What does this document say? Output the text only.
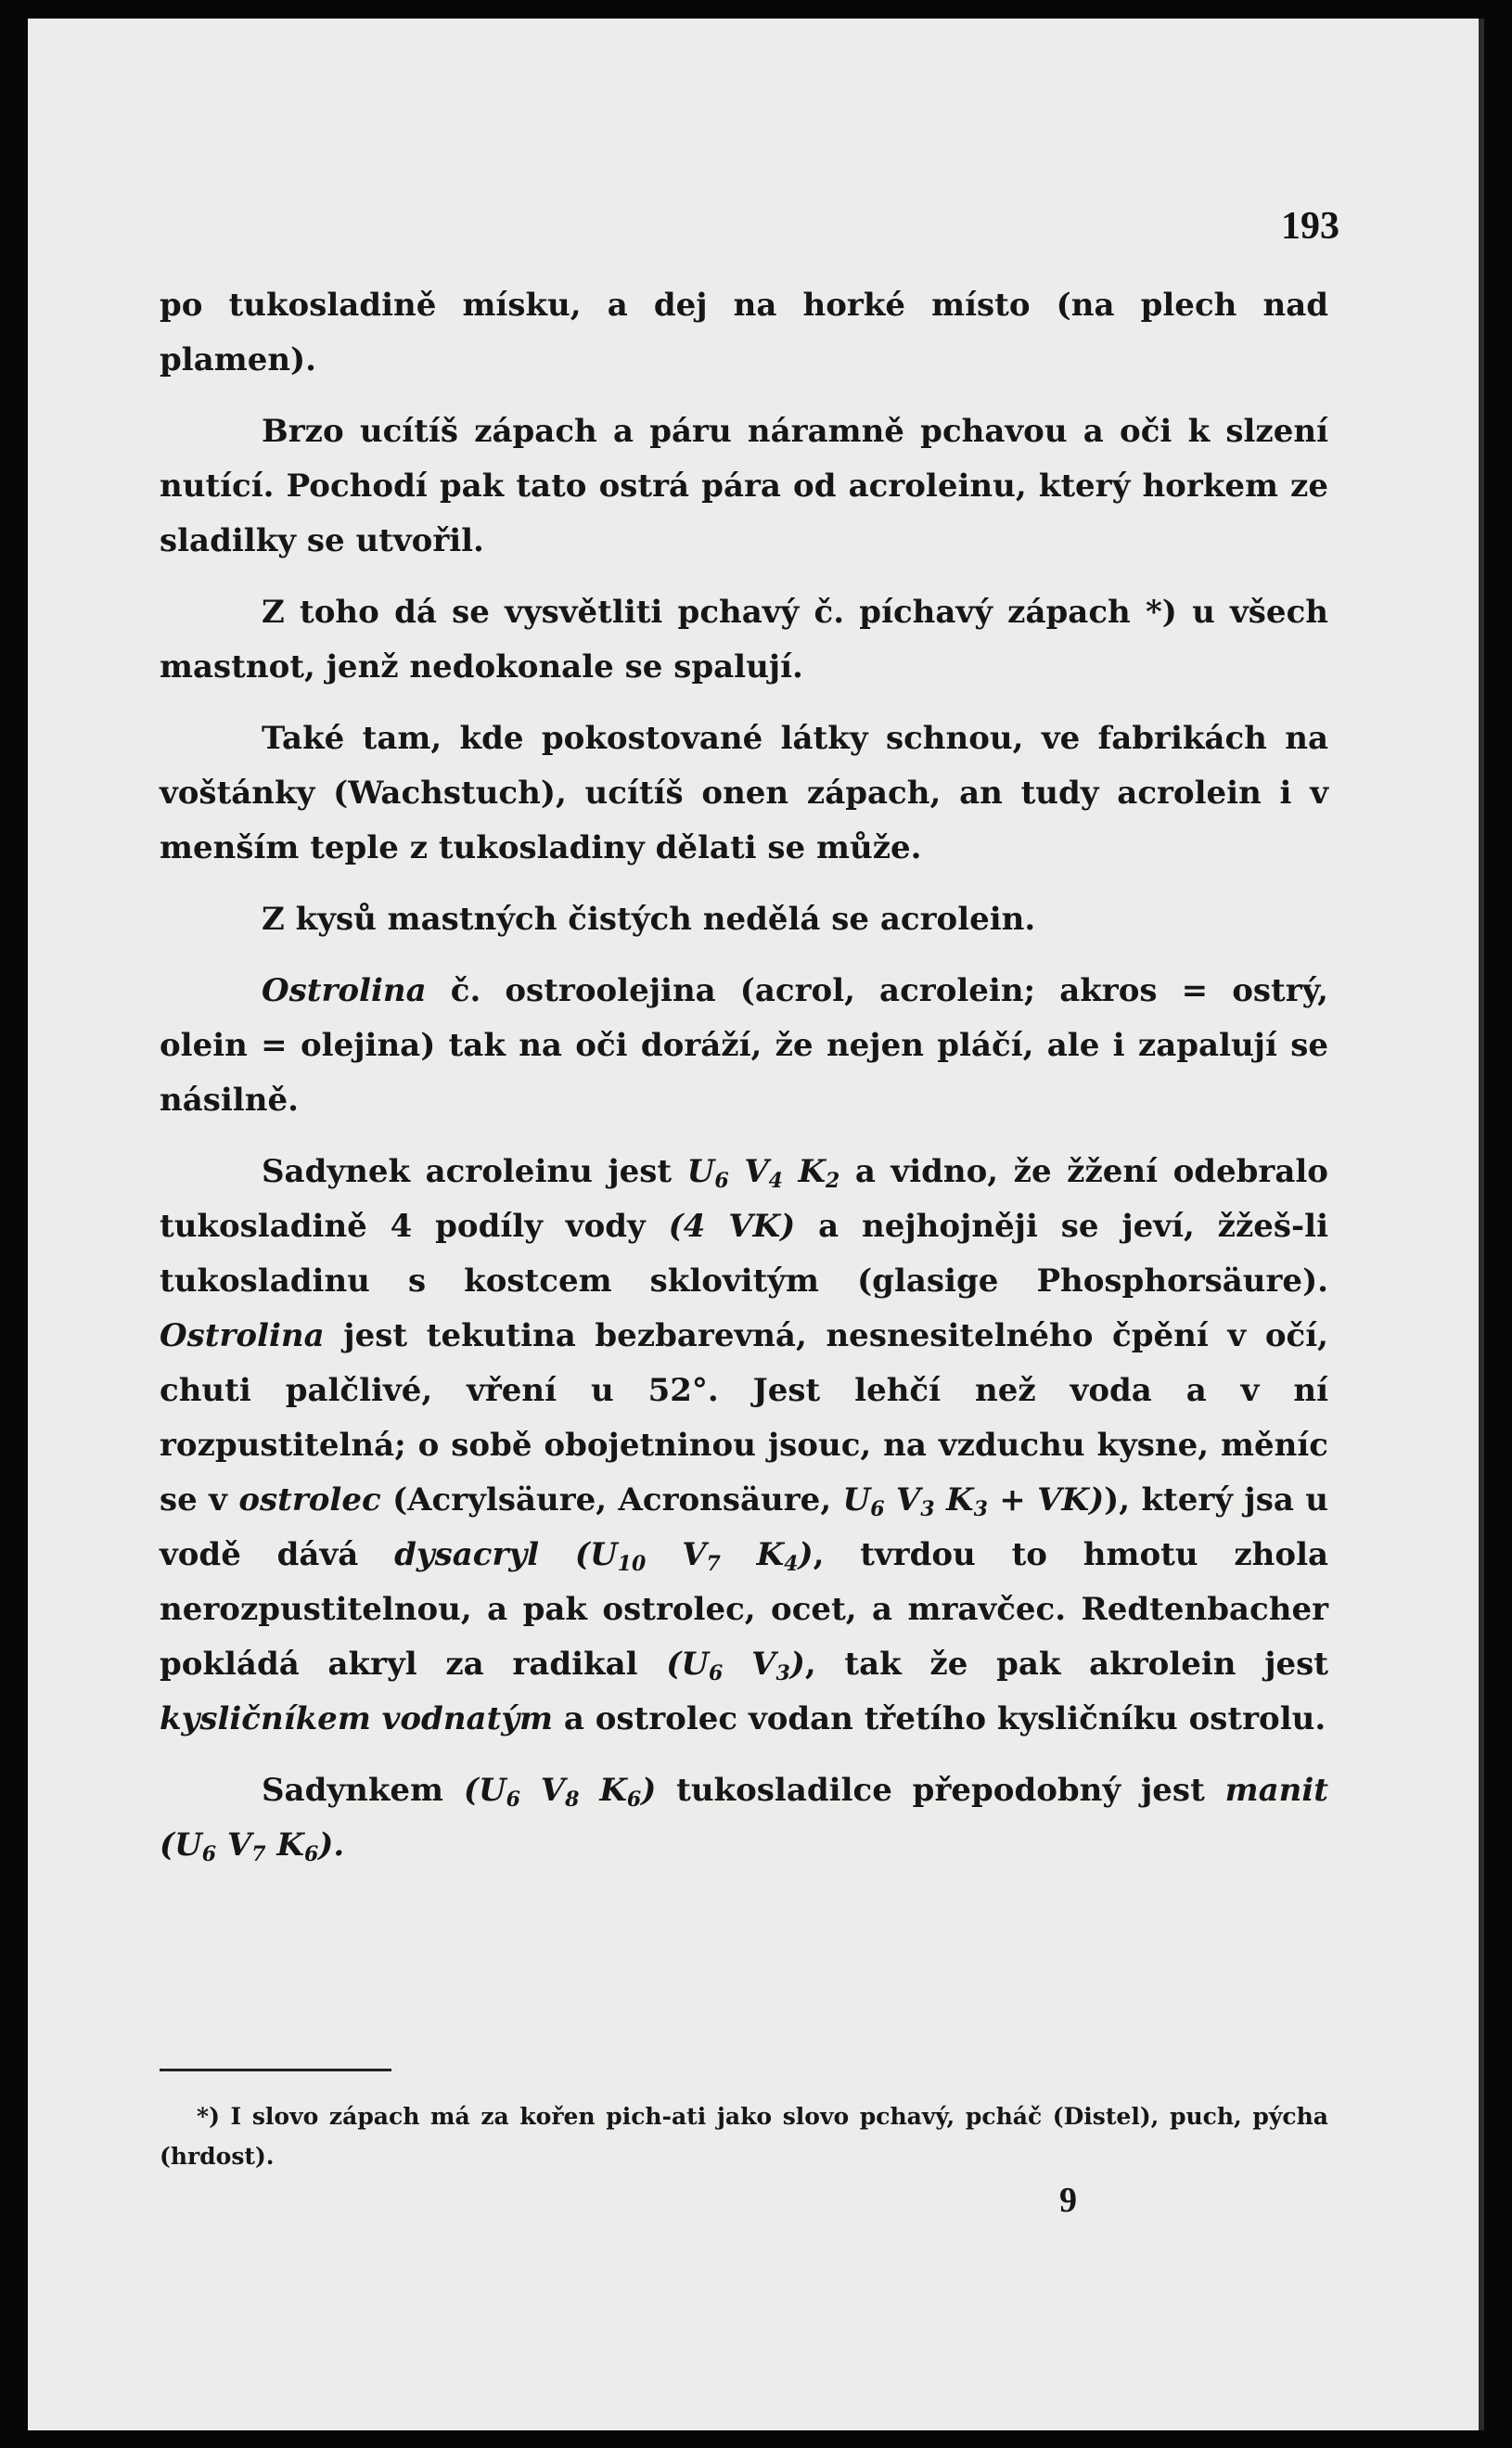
193

po tukosladině mísku, a dej na horké místo (na plech nad plamen).

Brzo ucítíš zápach a páru náramně pchavou a oči k slzení nutící. Pochodí pak tato ostrá pára od acroleinu, který horkem ze sladilky se utvořil.

Z toho dá se vysvětliti pchavý č. píchavý zápach *) u všech mastnot, jenž nedokonale se spalují.

Také tam, kde pokostované látky schnou, ve fabrikách na voštánky (Wachstuch), ucítíš onen zápach, an tudy acrolein i v menším teple z tukosladiny dělati se může.

Z kysů mastných čistých nedělá se acrolein.

Ostrolina č. ostroolejina (acrol, acrolein; akros = ostrý, olein = olejina) tak na oči doráží, že nejen pláčí, ale i zapalují se násilně.

Sadynek acroleinu jest $U_6$ $V_4$ $K_2$ a vidno, že žžení odebralo tukosladině 4 podíly vody (4 VK) a nejhojněji se jeví, žžeš-li tukosladinu s kostcem sklovitým (glasige Phosphorsäure). Ostrolina jest tekutina bezbarevná, nesnesitelného čpění v očí, chuti palčlivé, vření u 52°. Jest lehčí než voda a v ní rozpustitelná; o sobě obojetninou jsouc, na vzduchu kysne, měníc se v ostrolec (Acrylsäure, Acronsäure, $U_6$ $V_3$ $K_3 + VK$)), který jsa u vodě dává dysacryl ($U_{10}$ $V_7$ $K_4$), tvrdou to hmotu zhola nerozpustitelnou, a pak ostrolec, ocet, a mravčec. Redtenbacher pokládá akryl za radikal ($U_6$ $V_3$), tak že pak akrolein jest kysličníkem vodnatým a ostrolec vodan třetího kysličníku ostrolu.

Sadynkem ($U_6$ $V_8$ $K_6$) tukosladilce přepodobný jest manit ($U_6$ $V_7$ $K_6$).

*) I slovo zápach má za kořen pich-ati jako slovo pchavý, pcháč (Distel), puch, pýcha (hrdost).
9
